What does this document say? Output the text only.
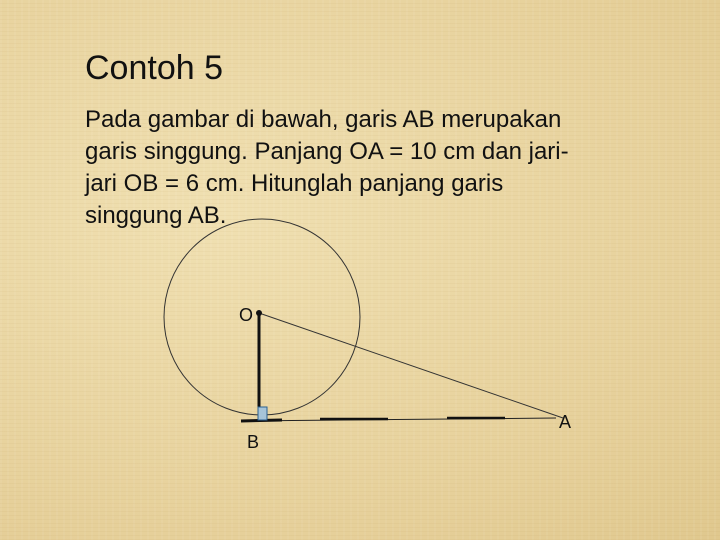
Contoh 5

Pada gambar di bawah, garis AB merupakan

garis singgung. Panjang OA = 10 cm dan jari-

jari OB = 6 cm. Hitunglah panjang garis

singgung AB.

O
B
A
